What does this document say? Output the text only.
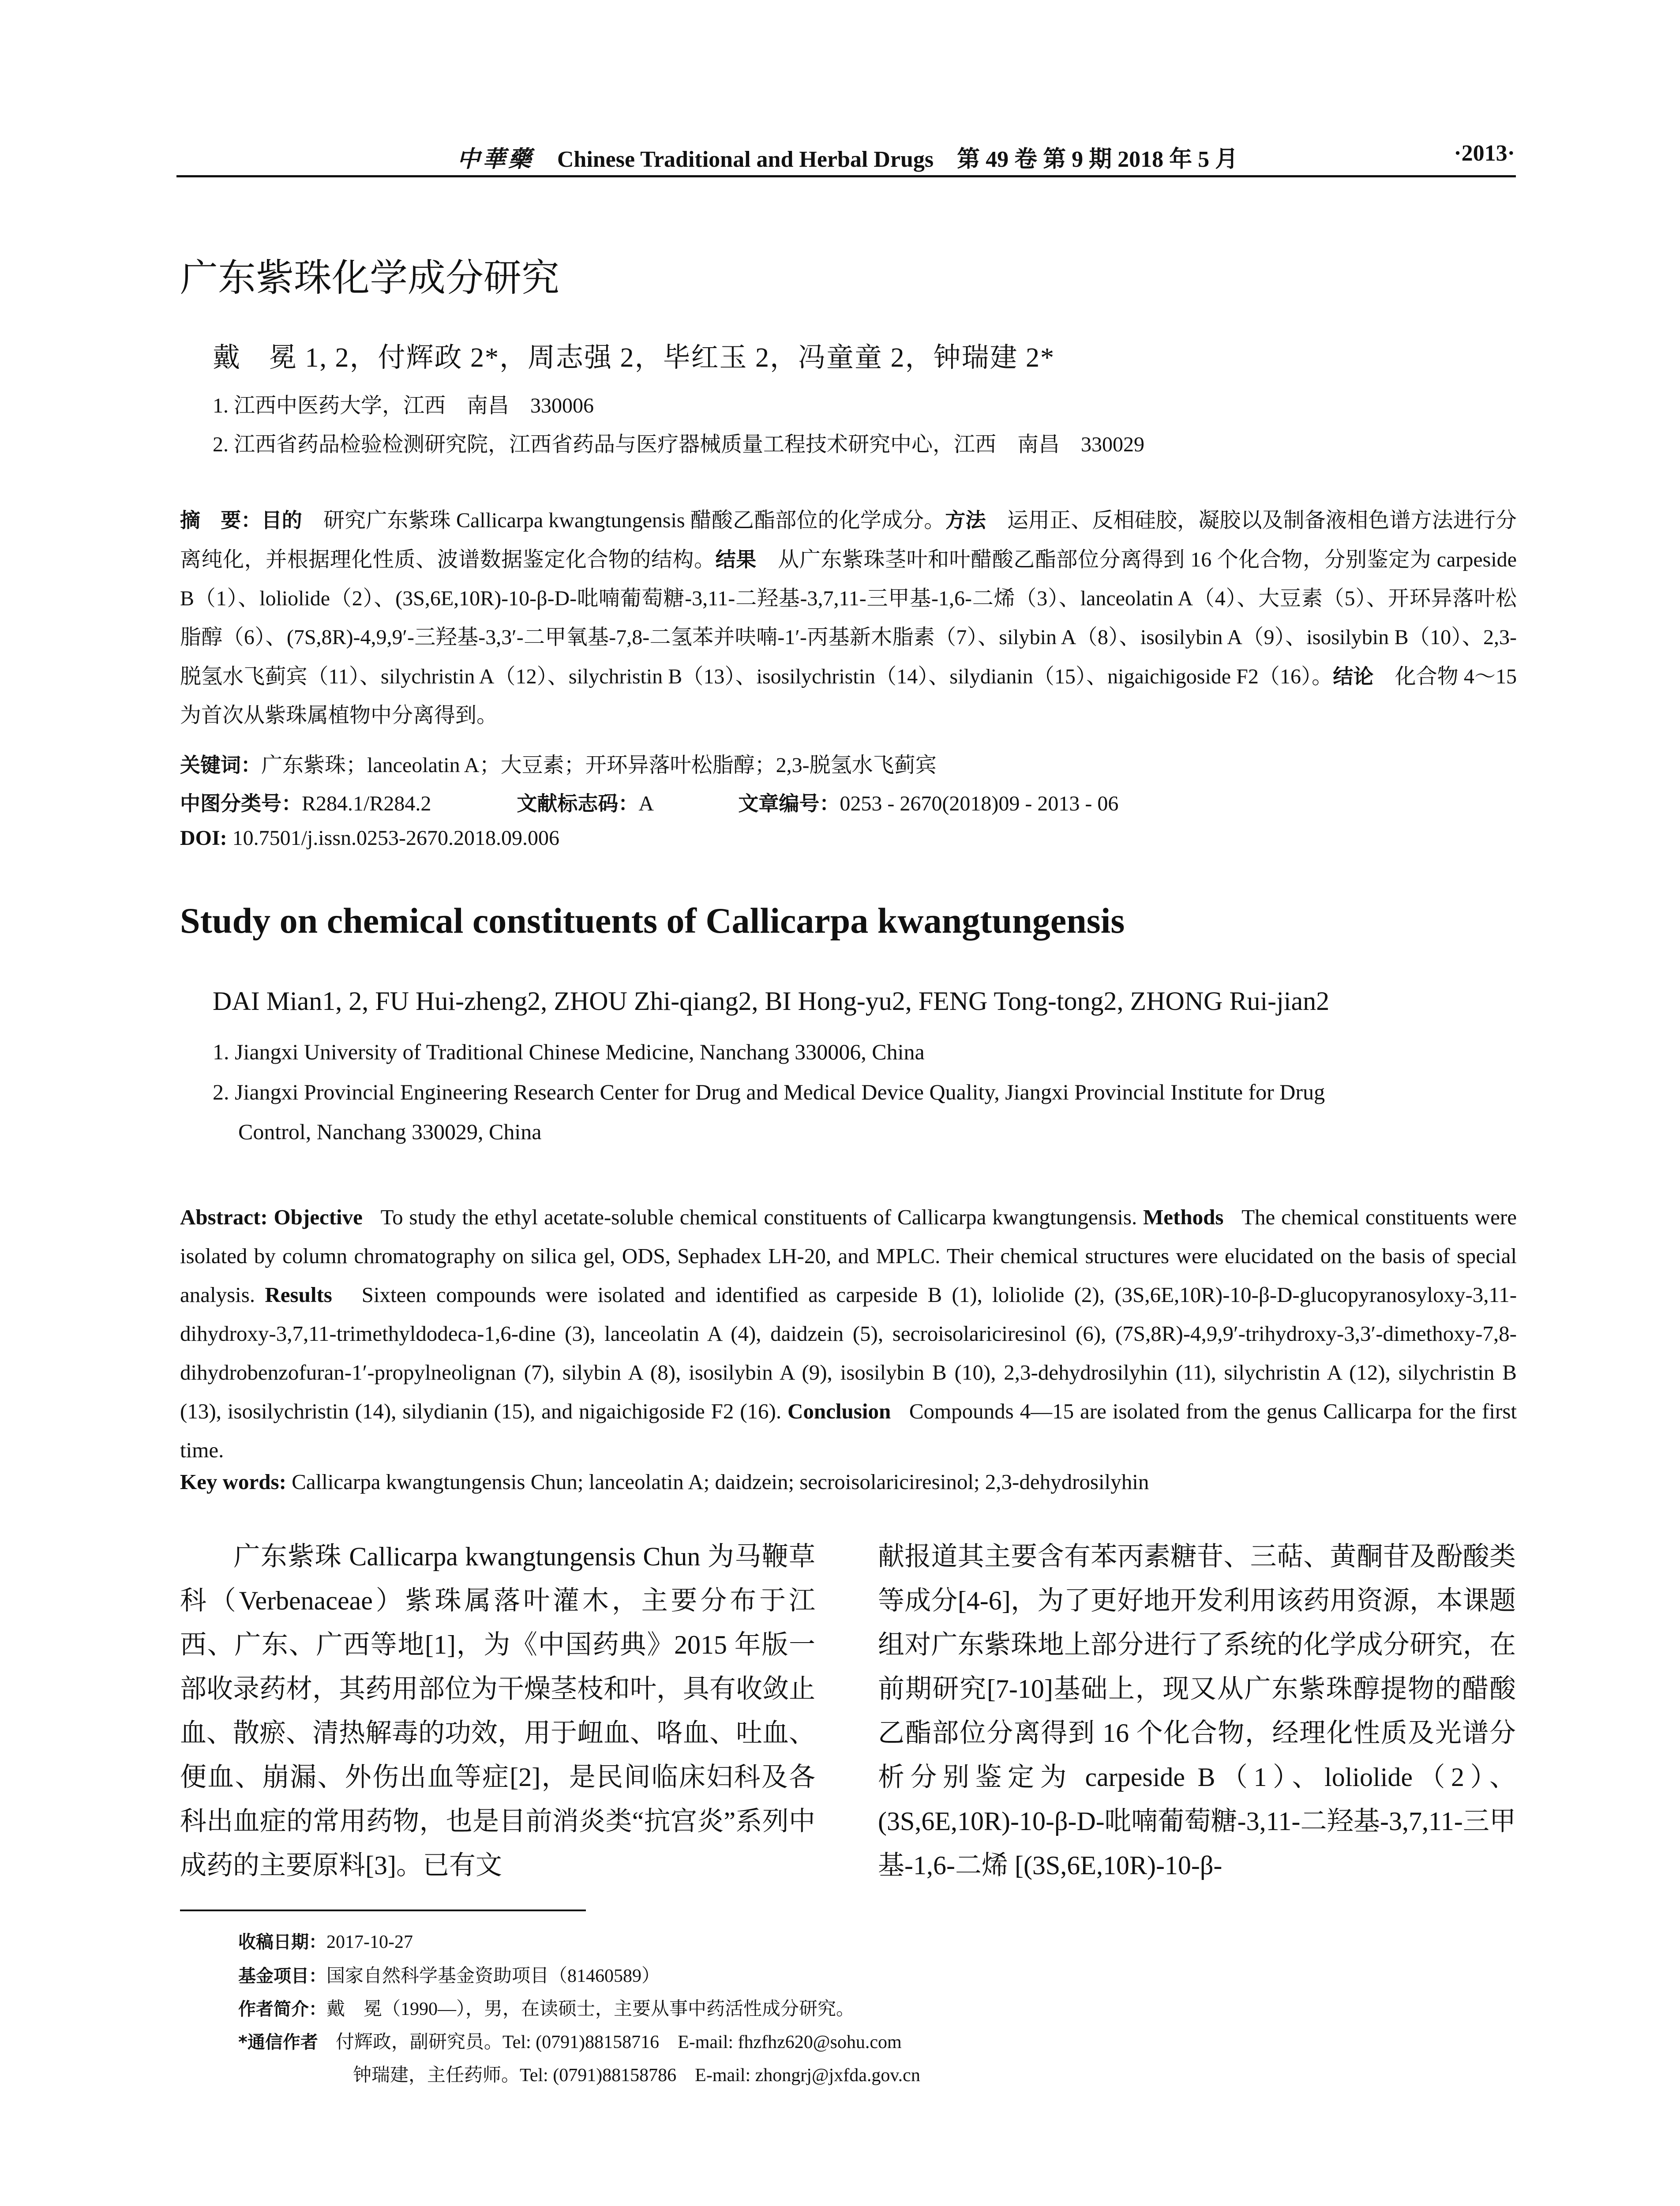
中華藥 Chinese Traditional and Herbal Drugs 第 49 卷 第 9 期 2018 年 5 月	·2013·
广东紫珠化学成分研究
戴　冕 1, 2，付辉政 2*，周志强 2，毕红玉 2，冯童童 2，钟瑞建 2*
1. 江西中医药大学，江西　南昌　330006
2. 江西省药品检验检测研究院，江西省药品与医疗器械质量工程技术研究中心，江西　南昌　330029
摘　要：目的　研究广东紫珠 Callicarpa kwangtungensis 醋酸乙酯部位的化学成分。方法　运用正、反相硅胶，凝胶以及制备液相色谱方法进行分离纯化，并根据理化性质、波谱数据鉴定化合物的结构。结果　从广东紫珠茎叶和叶醋酸乙酯部位分离得到 16 个化合物，分别鉴定为 carpeside B（1）、loliolide（2）、(3S,6E,10R)-10-β-D-吡喃葡萄糖-3,11-二羟基-3,7,11-三甲基-1,6-二烯（3）、lanceolatin A（4）、大豆素（5）、开环异落叶松脂醇（6）、(7S,8R)-4,9,9′-三羟基-3,3′-二甲氧基-7,8-二氢苯并呋喃-1′-丙基新木脂素（7）、silybin A（8）、isosilybin A（9）、isosilybin B（10）、2,3-脱氢水飞蓟宾（11）、silychristin A（12）、silychristin B（13）、isosilychristin（14）、silydianin（15）、nigaichigoside F2（16）。结论　化合物 4～15 为首次从紫珠属植物中分离得到。
关键词：广东紫珠；lanceolatin A；大豆素；开环异落叶松脂醇；2,3-脱氢水飞蓟宾
中图分类号：R284.1/R284.2	文献标志码：A	文章编号：0253 - 2670(2018)09 - 2013 - 06
DOI: 10.7501/j.issn.0253-2670.2018.09.006
Study on chemical constituents of Callicarpa kwangtungensis
DAI Mian1, 2, FU Hui-zheng2, ZHOU Zhi-qiang2, BI Hong-yu2, FENG Tong-tong2, ZHONG Rui-jian2
1. Jiangxi University of Traditional Chinese Medicine, Nanchang 330006, China
2. Jiangxi Provincial Engineering Research Center for Drug and Medical Device Quality, Jiangxi Provincial Institute for Drug
Control, Nanchang 330029, China
Abstract: Objective To study the ethyl acetate-soluble chemical constituents of Callicarpa kwangtungensis. Methods The chemical constituents were isolated by column chromatography on silica gel, ODS, Sephadex LH-20, and MPLC. Their chemical structures were elucidated on the basis of special analysis. Results Sixteen compounds were isolated and identified as carpeside B (1), loliolide (2), (3S,6E,10R)-10-β-D-glucopyranosyloxy-3,11-dihydroxy-3,7,11-trimethyldodeca-1,6-dine (3), lanceolatin A (4), daidzein (5), secroisolariciresinol (6), (7S,8R)-4,9,9′-trihydroxy-3,3′-dimethoxy-7,8-dihydrobenzofuran-1′-propylneolignan (7), silybin A (8), isosilybin A (9), isosilybin B (10), 2,3-dehydrosilyhin (11), silychristin A (12), silychristin B (13), isosilychristin (14), silydianin (15), and nigaichigoside F2 (16). Conclusion Compounds 4—15 are isolated from the genus Callicarpa for the first time.
Key words: Callicarpa kwangtungensis Chun; lanceolatin A; daidzein; secroisolariciresinol; 2,3-dehydrosilyhin
广东紫珠 Callicarpa kwangtungensis Chun 为马鞭草科（Verbenaceae）紫珠属落叶灌木，主要分布于江西、广东、广西等地[1]，为《中国药典》2015 年版一部收录药材，其药用部位为干燥茎枝和叶，具有收敛止血、散瘀、清热解毒的功效，用于衄血、咯血、吐血、便血、崩漏、外伤出血等症[2]，是民间临床妇科及各科出血症的常用药物，也是目前消炎类“抗宫炎”系列中成药的主要原料[3]。已有文
献报道其主要含有苯丙素糖苷、三萜、黄酮苷及酚酸类等成分[4-6]，为了更好地开发利用该药用资源，本课题组对广东紫珠地上部分进行了系统的化学成分研究，在前期研究[7-10]基础上，现又从广东紫珠醇提物的醋酸乙酯部位分离得到 16 个化合物，经理化性质及光谱分析分别鉴定为 carpeside B（1）、loliolide（2）、(3S,6E,10R)-10-β-D-吡喃葡萄糖-3,11-二羟基-3,7,11-三甲基-1,6-二烯 [(3S,6E,10R)-10-β-
收稿日期：2017-10-27
基金项目：国家自然科学基金资助项目（81460589）
作者简介：戴　冕（1990—），男，在读硕士，主要从事中药活性成分研究。
*通信作者 付辉政，副研究员。Tel: (0791)88158716　E-mail: fhzfhz620@sohu.com
钟瑞建，主任药师。Tel: (0791)88158786　E-mail: zhongrj@jxfda.gov.cn
